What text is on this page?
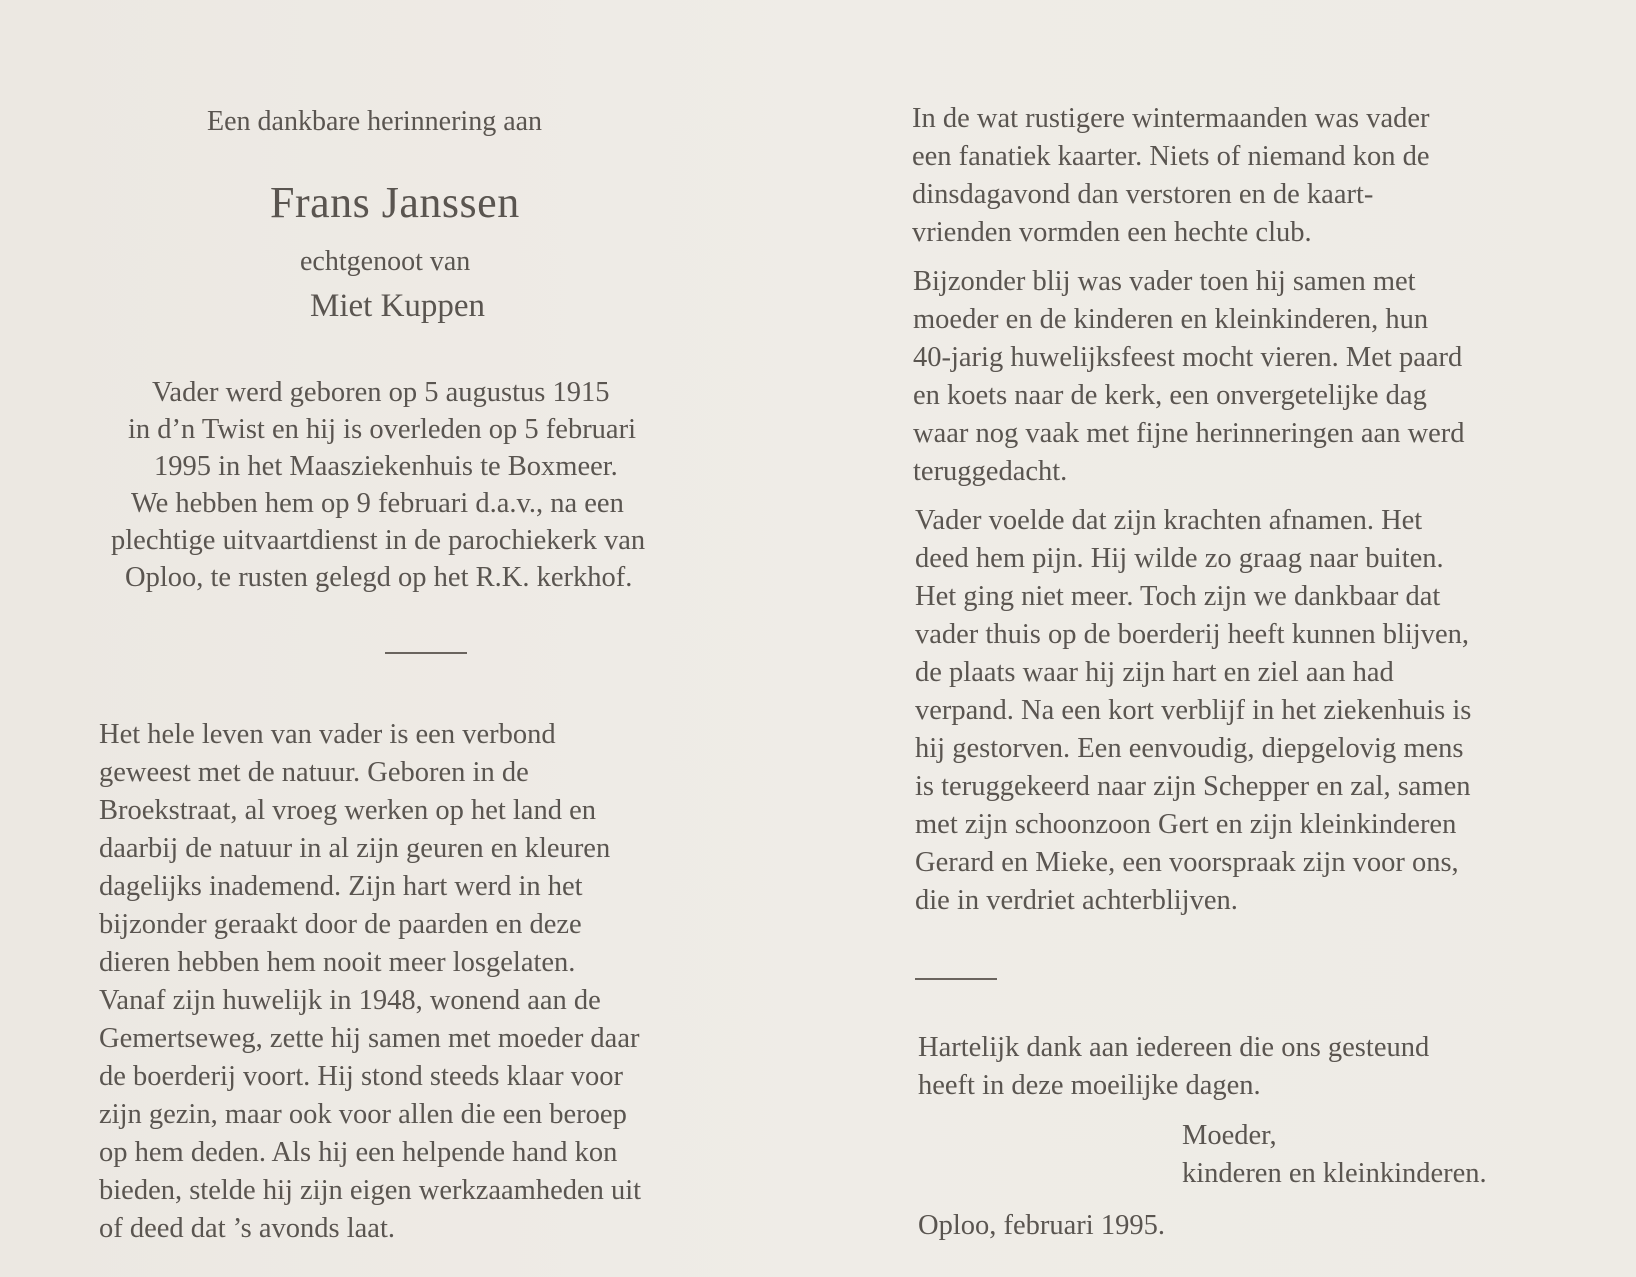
Een dankbare herinnering aan
Frans Janssen
echtgenoot van
Miet Kuppen
Vader werd geboren op 5 augustus 1915
in d’n Twist en hij is overleden op 5 februari
1995 in het Maasziekenhuis te Boxmeer.
We hebben hem op 9 februari d.a.v., na een
plechtige uitvaartdienst in de parochiekerk van
Oploo, te rusten gelegd op het R.K. kerkhof.
Het hele leven van vader is een verbond
geweest met de natuur. Geboren in de
Broekstraat, al vroeg werken op het land en
daarbij de natuur in al zijn geuren en kleuren
dagelijks inademend. Zijn hart werd in het
bijzonder geraakt door de paarden en deze
dieren hebben hem nooit meer losgelaten.
Vanaf zijn huwelijk in 1948, wonend aan de
Gemertseweg, zette hij samen met moeder daar
de boerderij voort. Hij stond steeds klaar voor
zijn gezin, maar ook voor allen die een beroep
op hem deden. Als hij een helpende hand kon
bieden, stelde hij zijn eigen werkzaamheden uit
of deed dat ’s avonds laat.
In de wat rustigere wintermaanden was vader
een fanatiek kaarter. Niets of niemand kon de
dinsdagavond dan verstoren en de kaart-
vrienden vormden een hechte club.
Bijzonder blij was vader toen hij samen met
moeder en de kinderen en kleinkinderen, hun
40-jarig huwelijksfeest mocht vieren. Met paard
en koets naar de kerk, een onvergetelijke dag
waar nog vaak met fijne herinneringen aan werd
teruggedacht.
Vader voelde dat zijn krachten afnamen. Het
deed hem pijn. Hij wilde zo graag naar buiten.
Het ging niet meer. Toch zijn we dankbaar dat
vader thuis op de boerderij heeft kunnen blijven,
de plaats waar hij zijn hart en ziel aan had
verpand. Na een kort verblijf in het ziekenhuis is
hij gestorven. Een eenvoudig, diepgelovig mens
is teruggekeerd naar zijn Schepper en zal, samen
met zijn schoonzoon Gert en zijn kleinkinderen
Gerard en Mieke, een voorspraak zijn voor ons,
die in verdriet achterblijven.
Hartelijk dank aan iedereen die ons gesteund
heeft in deze moeilijke dagen.
Moeder,
kinderen en kleinkinderen.
Oploo, februari 1995.
